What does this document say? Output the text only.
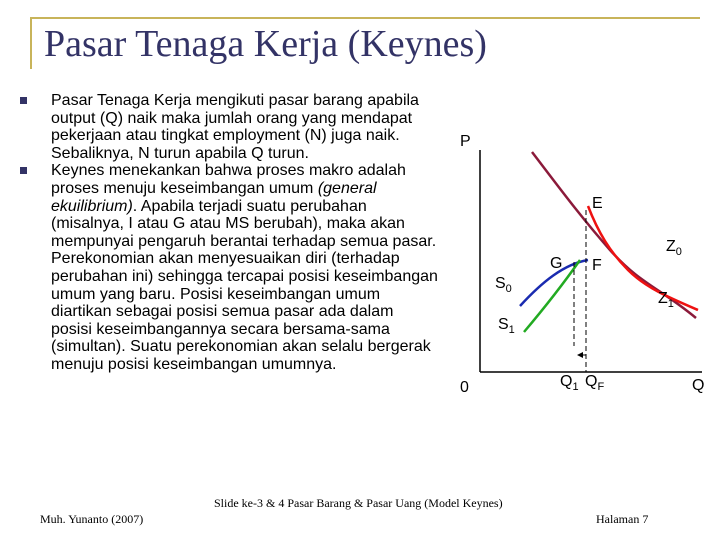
Pasar Tenaga Kerja (Keynes)

Pasar Tenaga Kerja mengikuti pasar barang apabila output (Q) naik maka jumlah orang yang mendapat pekerjaan atau tingkat employment (N) juga naik. Sebaliknya, N turun apabila Q turun.

Keynes menekankan bahwa proses makro adalah proses menuju keseimbangan umum (general ekuilibrium). Apabila terjadi suatu perubahan (misalnya, I atau G atau MS berubah), maka akan mempunyai pengaruh berantai terhadap semua pasar. Perekonomian akan menyesuaikan diri (terhadap perubahan ini) sehingga tercapai posisi keseimbangan umum yang baru. Posisi keseimbangan umum diartikan sebagai posisi semua pasar ada dalam posisi keseimbangannya secara bersama-sama (simultan). Suatu perekonomian akan selalu bergerak menuju posisi keseimbangan umumnya.

P
Q
0
E
G F
$S_0$
$S_1$
$Z_0$
$Z_1$
$Q_1$ $Q_F$
Muh. Yunanto (2007)
Slide ke-3 & 4 Pasar Barang & Pasar Uang (Model Keynes)
Halaman 7
